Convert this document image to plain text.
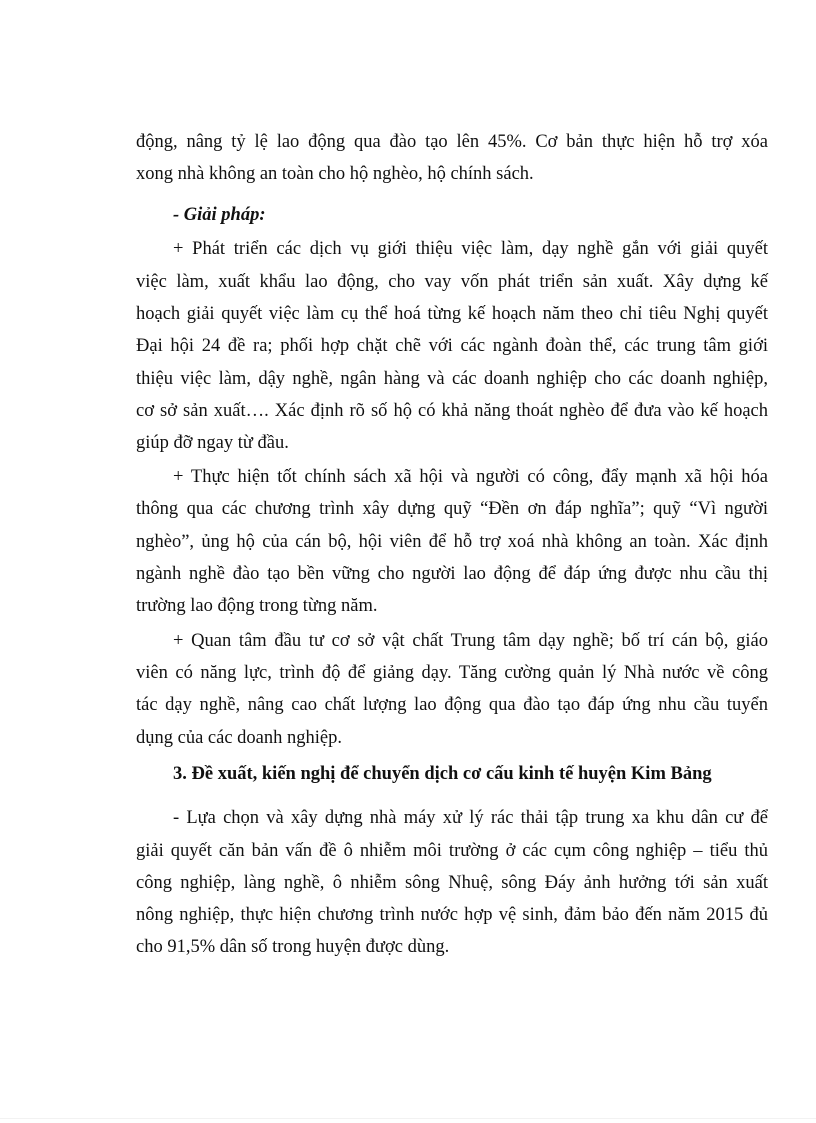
động, nâng tỷ lệ lao động qua đào tạo lên 45%. Cơ bản thực hiện hỗ trợ xóa
xong nhà không an toàn cho hộ nghèo, hộ chính sách.
- Giải pháp:
+ Phát triển các dịch vụ giới thiệu việc làm, dạy nghề gắn với giải quyết
việc làm, xuất khẩu lao động, cho vay vốn phát triển sản xuất. Xây dựng kế
hoạch giải quyết việc làm cụ thể hoá từng kế hoạch năm theo chỉ tiêu Nghị quyết
Đại hội 24 đề ra; phối hợp chặt chẽ với các ngành đoàn thể, các trung tâm giới
thiệu việc làm, dậy nghề, ngân hàng và các doanh nghiệp cho các doanh nghiệp,
cơ sở sản xuất…. Xác định rõ số hộ có khả năng thoát nghèo để đưa vào kế hoạch
giúp đỡ ngay từ đầu.
+ Thực hiện tốt chính sách xã hội và người có công, đẩy mạnh xã hội hóa
thông qua các chương trình xây dựng quỹ “Đền ơn đáp nghĩa”; quỹ “Vì người
nghèo”, ủng hộ của cán bộ, hội viên để hỗ trợ xoá nhà không an toàn. Xác định
ngành nghề đào tạo bền vững cho người lao động để đáp ứng được nhu cầu thị
trường lao động trong từng năm.
+ Quan tâm đầu tư cơ sở vật chất Trung tâm dạy nghề; bố trí cán bộ, giáo
viên có năng lực, trình độ để giảng dạy. Tăng cường quản lý Nhà nước về công
tác dạy nghề, nâng cao chất lượng lao động qua đào tạo đáp ứng nhu cầu tuyển
dụng của các doanh nghiệp.
3. Đề xuất, kiến nghị để chuyển dịch cơ cấu kinh tế huyện Kim Bảng
- Lựa chọn và xây dựng nhà máy xử lý rác thải tập trung xa khu dân cư để
giải quyết căn bản vấn đề ô nhiễm môi trường ở các cụm công nghiệp – tiểu thủ
công nghiệp, làng nghề, ô nhiễm sông Nhuệ, sông Đáy ảnh hưởng tới sản xuất
nông nghiệp, thực hiện chương trình nước hợp vệ sinh, đảm bảo đến năm 2015 đủ
cho 91,5% dân số trong huyện được dùng.
